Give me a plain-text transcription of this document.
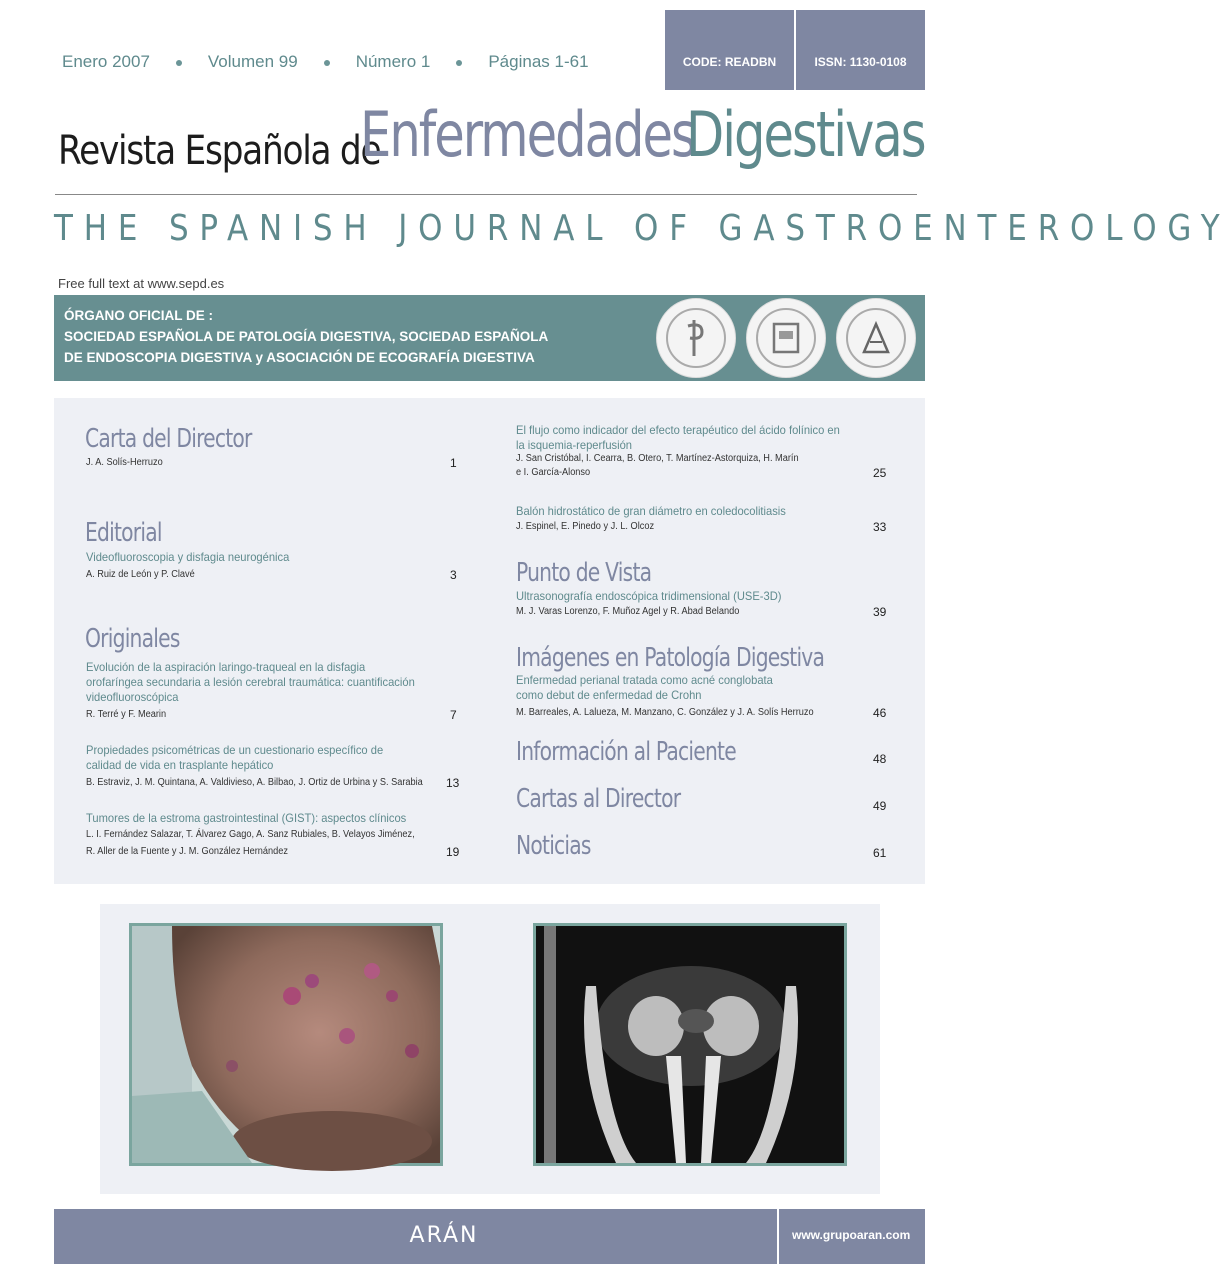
Enero 2007	Volumen 99	Número 1	Páginas 1-61	CODE: READBN	ISSN: 1130-0108
Revista Española de
Enfermedades
Digestivas
THE SPANISH JOURNAL OF GASTROENTEROLOGY
Free full text at www.sepd.es
ÓRGANO OFICIAL DE :
SOCIEDAD ESPAÑOLA DE PATOLOGÍA DIGESTIVA, SOCIEDAD ESPAÑOLA
DE ENDOSCOPIA DIGESTIVA y ASOCIACIÓN DE ECOGRAFÍA DIGESTIVA
Carta del Director
J. A. Solís-Herruzo	1
Editorial
Videofluoroscopia y disfagia neurogénica
A. Ruiz de León y P. Clavé	3
Originales
Evolución de la aspiración laringo-traqueal en la disfagia orofaríngea secundaria a lesión cerebral traumática: cuantificación videofluoroscópica
R. Terré y F. Mearin	7
Propiedades psicométricas de un cuestionario específico de calidad de vida en trasplante hepático
B. Estraviz, J. M. Quintana, A. Valdivieso, A. Bilbao, J. Ortiz de Urbina y S. Sarabia 13
Tumores de la estroma gastrointestinal (GIST): aspectos clínicos
L. I. Fernández Salazar, T. Álvarez Gago, A. Sanz Rubiales, B. Velayos Jiménez,
R. Aller de la Fuente y J. M. González Hernández	19
El flujo como indicador del efecto terapéutico del ácido folínico en la isquemia-reperfusión
J. San Cristóbal, I. Cearra, B. Otero, T. Martínez-Astorquiza, H. Marín
e I. García-Alonso	25
Balón hidrostático de gran diámetro en coledocolitiasis
J. Espinel, E. Pinedo y J. L. Olcoz	33
Punto de Vista
Ultrasonografía endoscópica tridimensional (USE-3D)
M. J. Varas Lorenzo, F. Muñoz Agel y R. Abad Belando	39
Imágenes en Patología Digestiva
Enfermedad perianal tratada como acné conglobata como debut de enfermedad de Crohn
M. Barreales, A. Lalueza, M. Manzano, C. González y J. A. Solís Herruzo	46
Información al Paciente	48
Cartas al Director	49
Noticias	61
ARÁN	www.grupoaran.com
